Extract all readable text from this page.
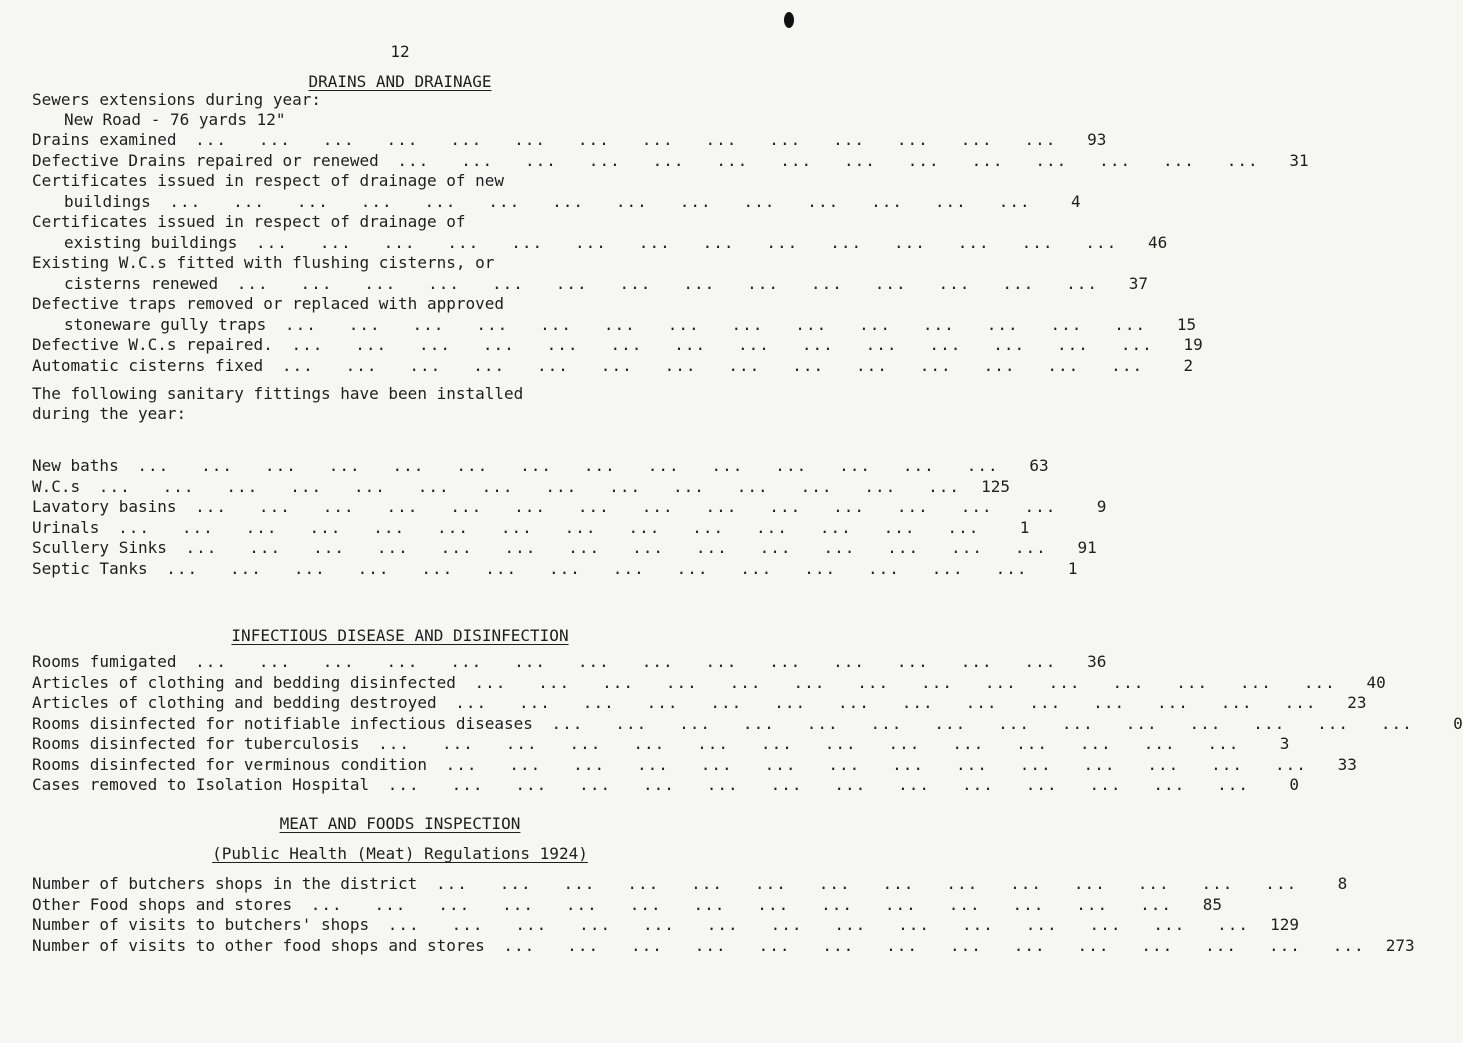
12
DRAINS AND DRAINAGE
Sewers extensions during year:
New Road - 76 yards 12"
Drains examined ...   ...   ...   ...   ...   ...   ...   ...   ...   ...   ...   ...   ...   ...	93
Defective Drains repaired or renewed ...   ...   ...   ...   ...   ...   ...   ...   ...   ...   ...   ...   ...   ...	31
Certificates issued in respect of drainage of new
buildings ...   ...   ...   ...   ...   ...   ...   ...   ...   ...   ...   ...   ...   ...	4
Certificates issued in respect of drainage of
existing buildings ...   ...   ...   ...   ...   ...   ...   ...   ...   ...   ...   ...   ...   ...	46
Existing W.C.s fitted with flushing cisterns, or
cisterns renewed ...   ...   ...   ...   ...   ...   ...   ...   ...   ...   ...   ...   ...   ...	37
Defective traps removed or replaced with approved
stoneware gully traps ...   ...   ...   ...   ...   ...   ...   ...   ...   ...   ...   ...   ...   ...	15
Defective W.C.s repaired. ...   ...   ...   ...   ...   ...   ...   ...   ...   ...   ...   ...   ...   ...	19
Automatic cisterns fixed ...   ...   ...   ...   ...   ...   ...   ...   ...   ...   ...   ...   ...   ...	2
The following sanitary fittings have been installed
during the year:
New baths ...   ...   ...   ...   ...   ...   ...   ...   ...   ...   ...   ...   ...   ...	63
W.C.s ...   ...   ...   ...   ...   ...   ...   ...   ...   ...   ...   ...   ...   ...	125
Lavatory basins ...   ...   ...   ...   ...   ...   ...   ...   ...   ...   ...   ...   ...   ...	9
Urinals ...   ...   ...   ...   ...   ...   ...   ...   ...   ...   ...   ...   ...   ...	1
Scullery Sinks ...   ...   ...   ...   ...   ...   ...   ...   ...   ...   ...   ...   ...   ...	91
Septic Tanks ...   ...   ...   ...   ...   ...   ...   ...   ...   ...   ...   ...   ...   ...	1
INFECTIOUS DISEASE AND DISINFECTION
Rooms fumigated ...   ...   ...   ...   ...   ...   ...   ...   ...   ...   ...   ...   ...   ...	36
Articles of clothing and bedding disinfected ...   ...   ...   ...   ...   ...   ...   ...   ...   ...   ...   ...   ...   ...	40
Articles of clothing and bedding destroyed ...   ...   ...   ...   ...   ...   ...   ...   ...   ...   ...   ...   ...   ...	23
Rooms disinfected for notifiable infectious diseases ...   ...   ...   ...   ...   ...   ...   ...   ...   ...   ...   ...   ...   ...	0
Rooms disinfected for tuberculosis ...   ...   ...   ...   ...   ...   ...   ...   ...   ...   ...   ...   ...   ...	3
Rooms disinfected for verminous condition ...   ...   ...   ...   ...   ...   ...   ...   ...   ...   ...   ...   ...   ...	33
Cases removed to Isolation Hospital ...   ...   ...   ...   ...   ...   ...   ...   ...   ...   ...   ...   ...   ...	0
MEAT AND FOODS INSPECTION
(Public Health (Meat) Regulations 1924)
Number of butchers shops in the district ...   ...   ...   ...   ...   ...   ...   ...   ...   ...   ...   ...   ...   ...	8
Other Food shops and stores ...   ...   ...   ...   ...   ...   ...   ...   ...   ...   ...   ...   ...   ...	85
Number of visits to butchers' shops ...   ...   ...   ...   ...   ...   ...   ...   ...   ...   ...   ...   ...   ...	129
Number of visits to other food shops and stores ...   ...   ...   ...   ...   ...   ...   ...   ...   ...   ...   ...   ...   ...	273
